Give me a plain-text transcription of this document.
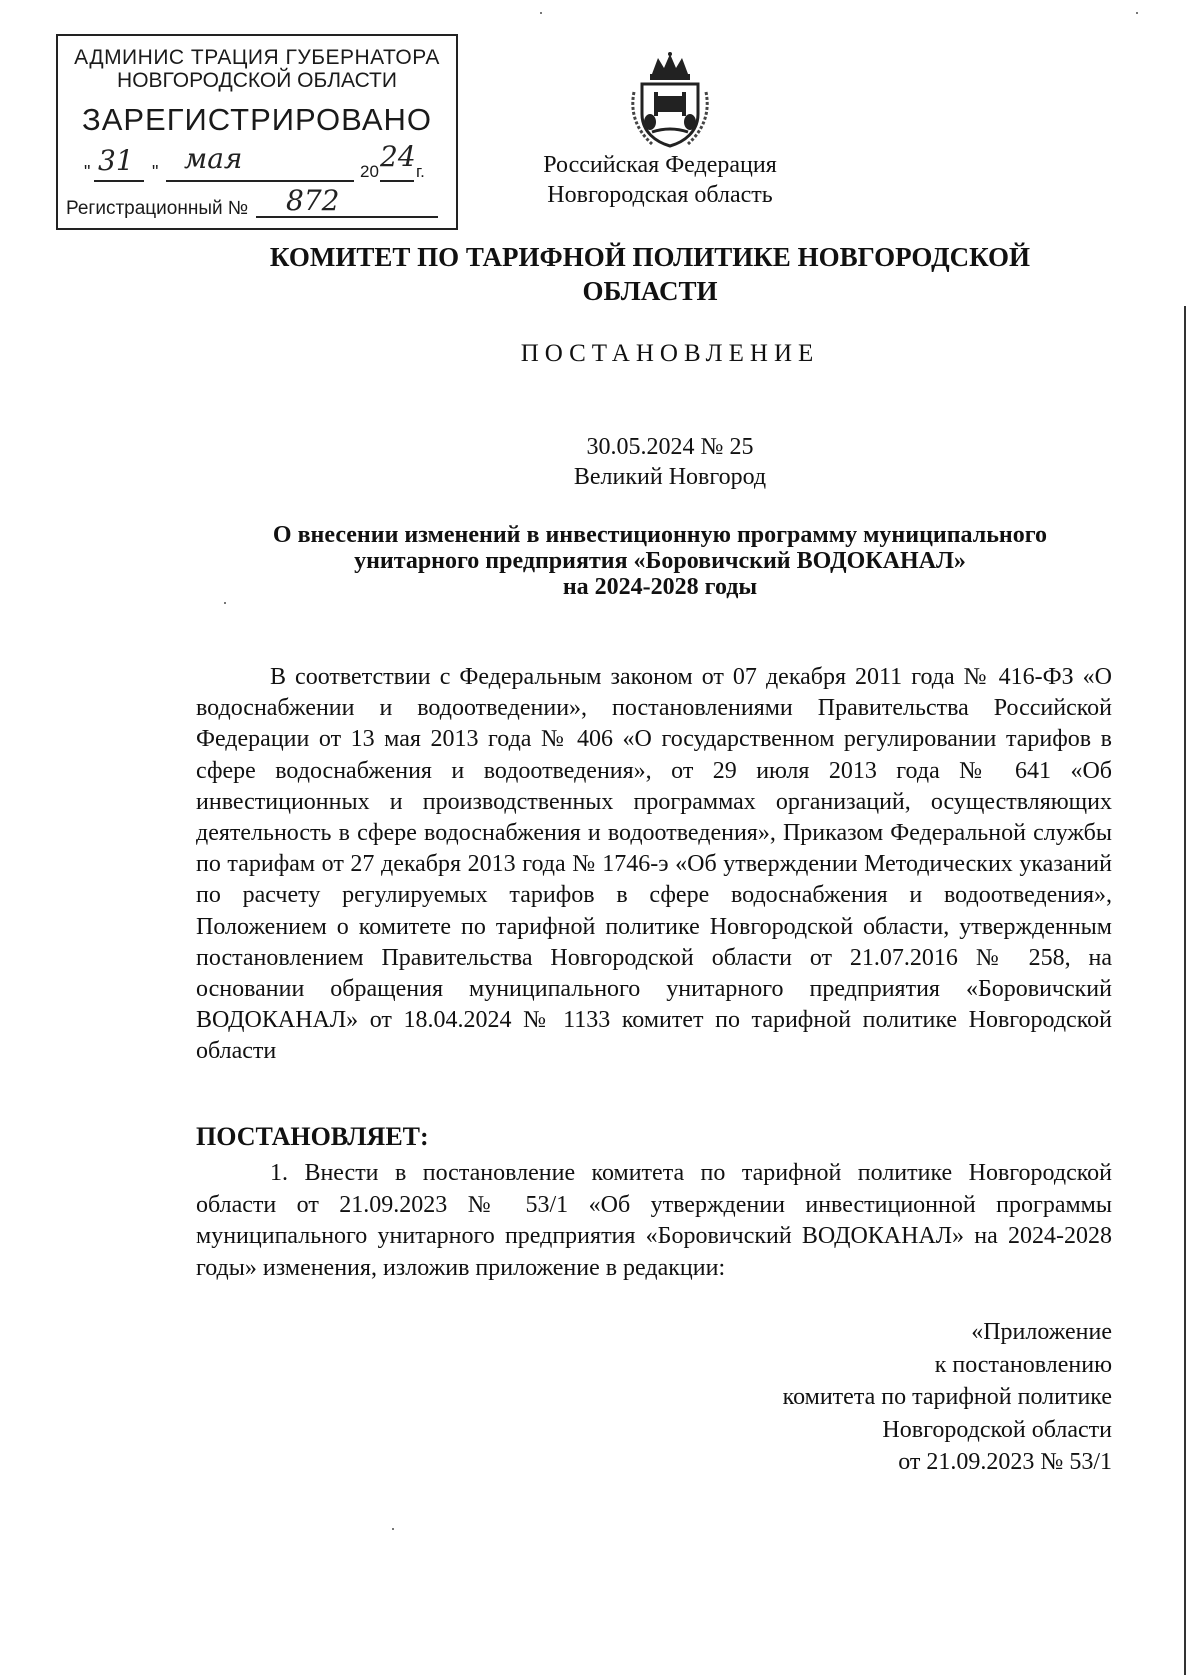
АДМИНИС ТРАЦИЯ ГУБЕРНАТОРА
НОВГОРОДСКОЙ ОБЛАСТИ
ЗАРЕГИСТРИРОВАНО
" 31 " мая	20 24 г.
Регистрационный № 872
Российская Федерация
Новгородская область
КОМИТЕТ ПО ТАРИФНОЙ ПОЛИТИКЕ НОВГОРОДСКОЙ ОБЛАСТИ
ПОСТАНОВЛЕНИЕ
30.05.2024 № 25
Великий Новгород
О внесении изменений в инвестиционную программу муниципального
унитарного предприятия «Боровичский ВОДОКАНАЛ»
на 2024-2028 годы
В соответствии с Федеральным законом от 07 декабря 2011 года № 416-ФЗ «О водоснабжении и водоотведении», постановлениями Правительства Российской Федерации от 13 мая 2013 года № 406 «О государственном регулировании тарифов в сфере водоснабжения и водоотведения», от 29 июля 2013 года № 641 «Об инвестиционных и производственных программах организаций, осуществляющих деятельность в сфере водоснабжения и водоотведения», Приказом Федеральной службы по тарифам от 27 декабря 2013 года № 1746-э «Об утверждении Методических указаний по расчету регулируемых тарифов в сфере водоснабжения и водоотведения», Положением о комитете по тарифной политике Новгородской области, утвержденным постановлением Правительства Новгородской области от 21.07.2016 № 258, на основании обращения муниципального унитарного предприятия «Боровичский ВОДОКАНАЛ» от 18.04.2024 № 1133 комитет по тарифной политике Новгородской области
ПОСТАНОВЛЯЕТ:
1. Внести в постановление комитета по тарифной политике Новгородской области от 21.09.2023 № 53/1 «Об утверждении инвестиционной программы муниципального унитарного предприятия «Боровичский ВОДОКАНАЛ» на 2024-2028 годы» изменения, изложив приложение в редакции:
«Приложение
к постановлению
комитета по тарифной политике
Новгородской области
от 21.09.2023 № 53/1
